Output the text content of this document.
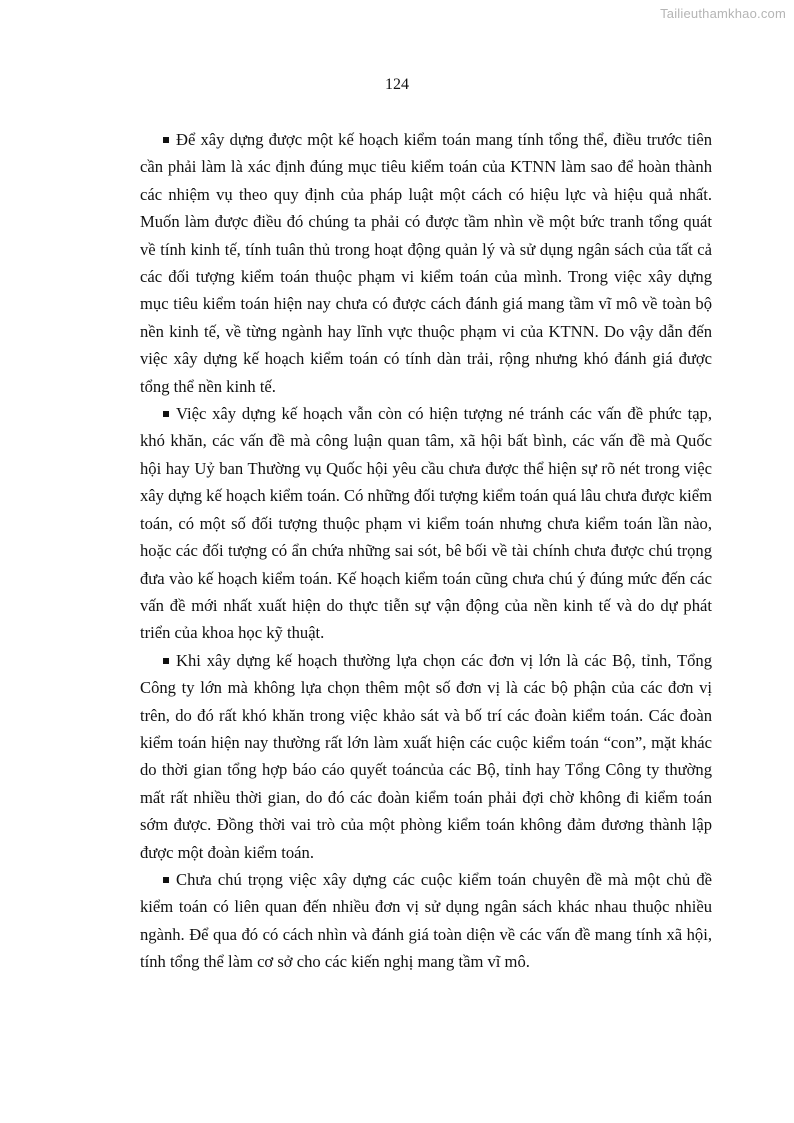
Tailieuthamkhao.com
124

Để xây dựng được một kế hoạch kiểm toán mang tính tổng thể, điều trước tiên cần phải làm là xác định đúng mục tiêu kiểm toán của KTNN làm sao để hoàn thành các nhiệm vụ theo quy định của pháp luật một cách có hiệu lực và hiệu quả nhất. Muốn làm được điều đó chúng ta phải có được tầm nhìn về một bức tranh tổng quát về tính kinh tế, tính tuân thủ trong hoạt động quản lý và sử dụng ngân sách của tất cả các đối tượng kiểm toán thuộc phạm vi kiểm toán của mình. Trong việc xây dựng mục tiêu kiểm toán hiện nay chưa có được cách đánh giá mang tầm vĩ mô về toàn bộ nền kinh tế, về từng ngành hay lĩnh vực thuộc phạm vi của KTNN. Do vậy dẫn đến việc xây dựng kế hoạch kiểm toán có tính dàn trải, rộng nhưng khó đánh giá được tổng thể nền kinh tế.

Việc xây dựng kế hoạch vẫn còn có hiện tượng né tránh các vấn đề phức tạp, khó khăn, các vấn đề mà công luận quan tâm, xã hội bất bình, các vấn đề mà Quốc hội hay Uỷ ban Thường vụ Quốc hội yêu cầu chưa được thể hiện sự rõ nét trong việc xây dựng kế hoạch kiểm toán. Có những đối tượng kiểm toán quá lâu chưa được kiểm toán, có một số đối tượng thuộc phạm vi kiểm toán nhưng chưa kiểm toán lần nào, hoặc các đối tượng có ẩn chứa những sai sót, bê bối về tài chính chưa được chú trọng đưa vào kế hoạch kiểm toán. Kế hoạch kiểm toán cũng chưa chú ý đúng mức đến các vấn đề mới nhất xuất hiện do thực tiễn sự vận động của nền kinh tế và do dự phát triển của khoa học kỹ thuật.

Khi xây dựng kế hoạch thường lựa chọn các đơn vị lớn là các Bộ, tỉnh, Tổng Công ty lớn mà không lựa chọn thêm một số đơn vị là các bộ phận của các đơn vị trên, do đó rất khó khăn trong việc khảo sát và bố trí các đoàn kiểm toán. Các đoàn kiểm toán hiện nay thường rất lớn làm xuất hiện các cuộc kiểm toán “con”, mặt khác do thời gian tổng hợp báo cáo quyết toáncủa các Bộ, tỉnh hay Tổng Công ty thường mất rất nhiều thời gian, do đó các đoàn kiểm toán phải đợi chờ không đi kiểm toán sớm được. Đồng thời vai trò của một phòng kiểm toán không đảm đương thành lập được một đoàn kiểm toán.

Chưa chú trọng việc xây dựng các cuộc kiểm toán chuyên đề mà một chủ đề kiểm toán có liên quan đến nhiều đơn vị sử dụng ngân sách khác nhau thuộc nhiều ngành. Để qua đó có cách nhìn và đánh giá toàn diện về các vấn đề mang tính xã hội, tính tổng thể làm cơ sở cho các kiến nghị mang tầm vĩ mô.
